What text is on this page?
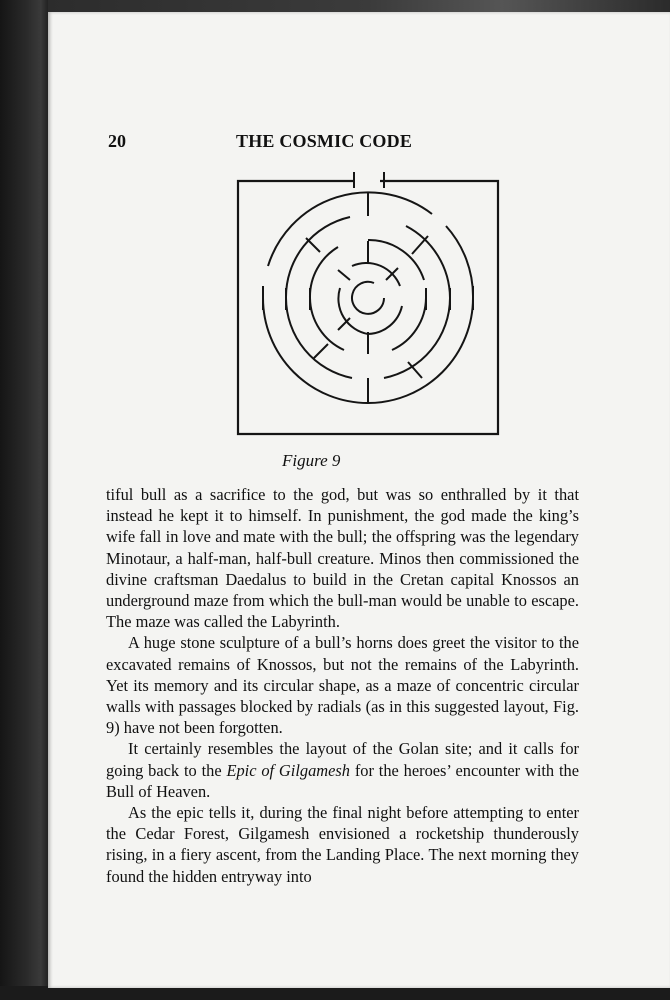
20	THE COSMIC CODE
Figure 9

tiful bull as a sacrifice to the god, but was so enthralled by it that instead he kept it to himself. In punishment, the god made the king’s wife fall in love and mate with the bull; the offspring was the legendary Minotaur, a half-man, half-bull creature. Minos then commissioned the divine craftsman Daedalus to build in the Cretan capital Knossos an underground maze from which the bull-man would be unable to escape. The maze was called the Labyrinth.

A huge stone sculpture of a bull’s horns does greet the visitor to the excavated remains of Knossos, but not the remains of the Labyrinth. Yet its memory and its circular shape, as a maze of concentric circular walls with passages blocked by radials (as in this suggested layout, Fig. 9) have not been forgotten.

It certainly resembles the layout of the Golan site; and it calls for going back to the Epic of Gilgamesh for the heroes’ encounter with the Bull of Heaven.

As the epic tells it, during the final night before attempting to enter the Cedar Forest, Gilgamesh envisioned a rocketship thunderously rising, in a fiery ascent, from the Landing Place. The next morning they found the hidden entryway into
